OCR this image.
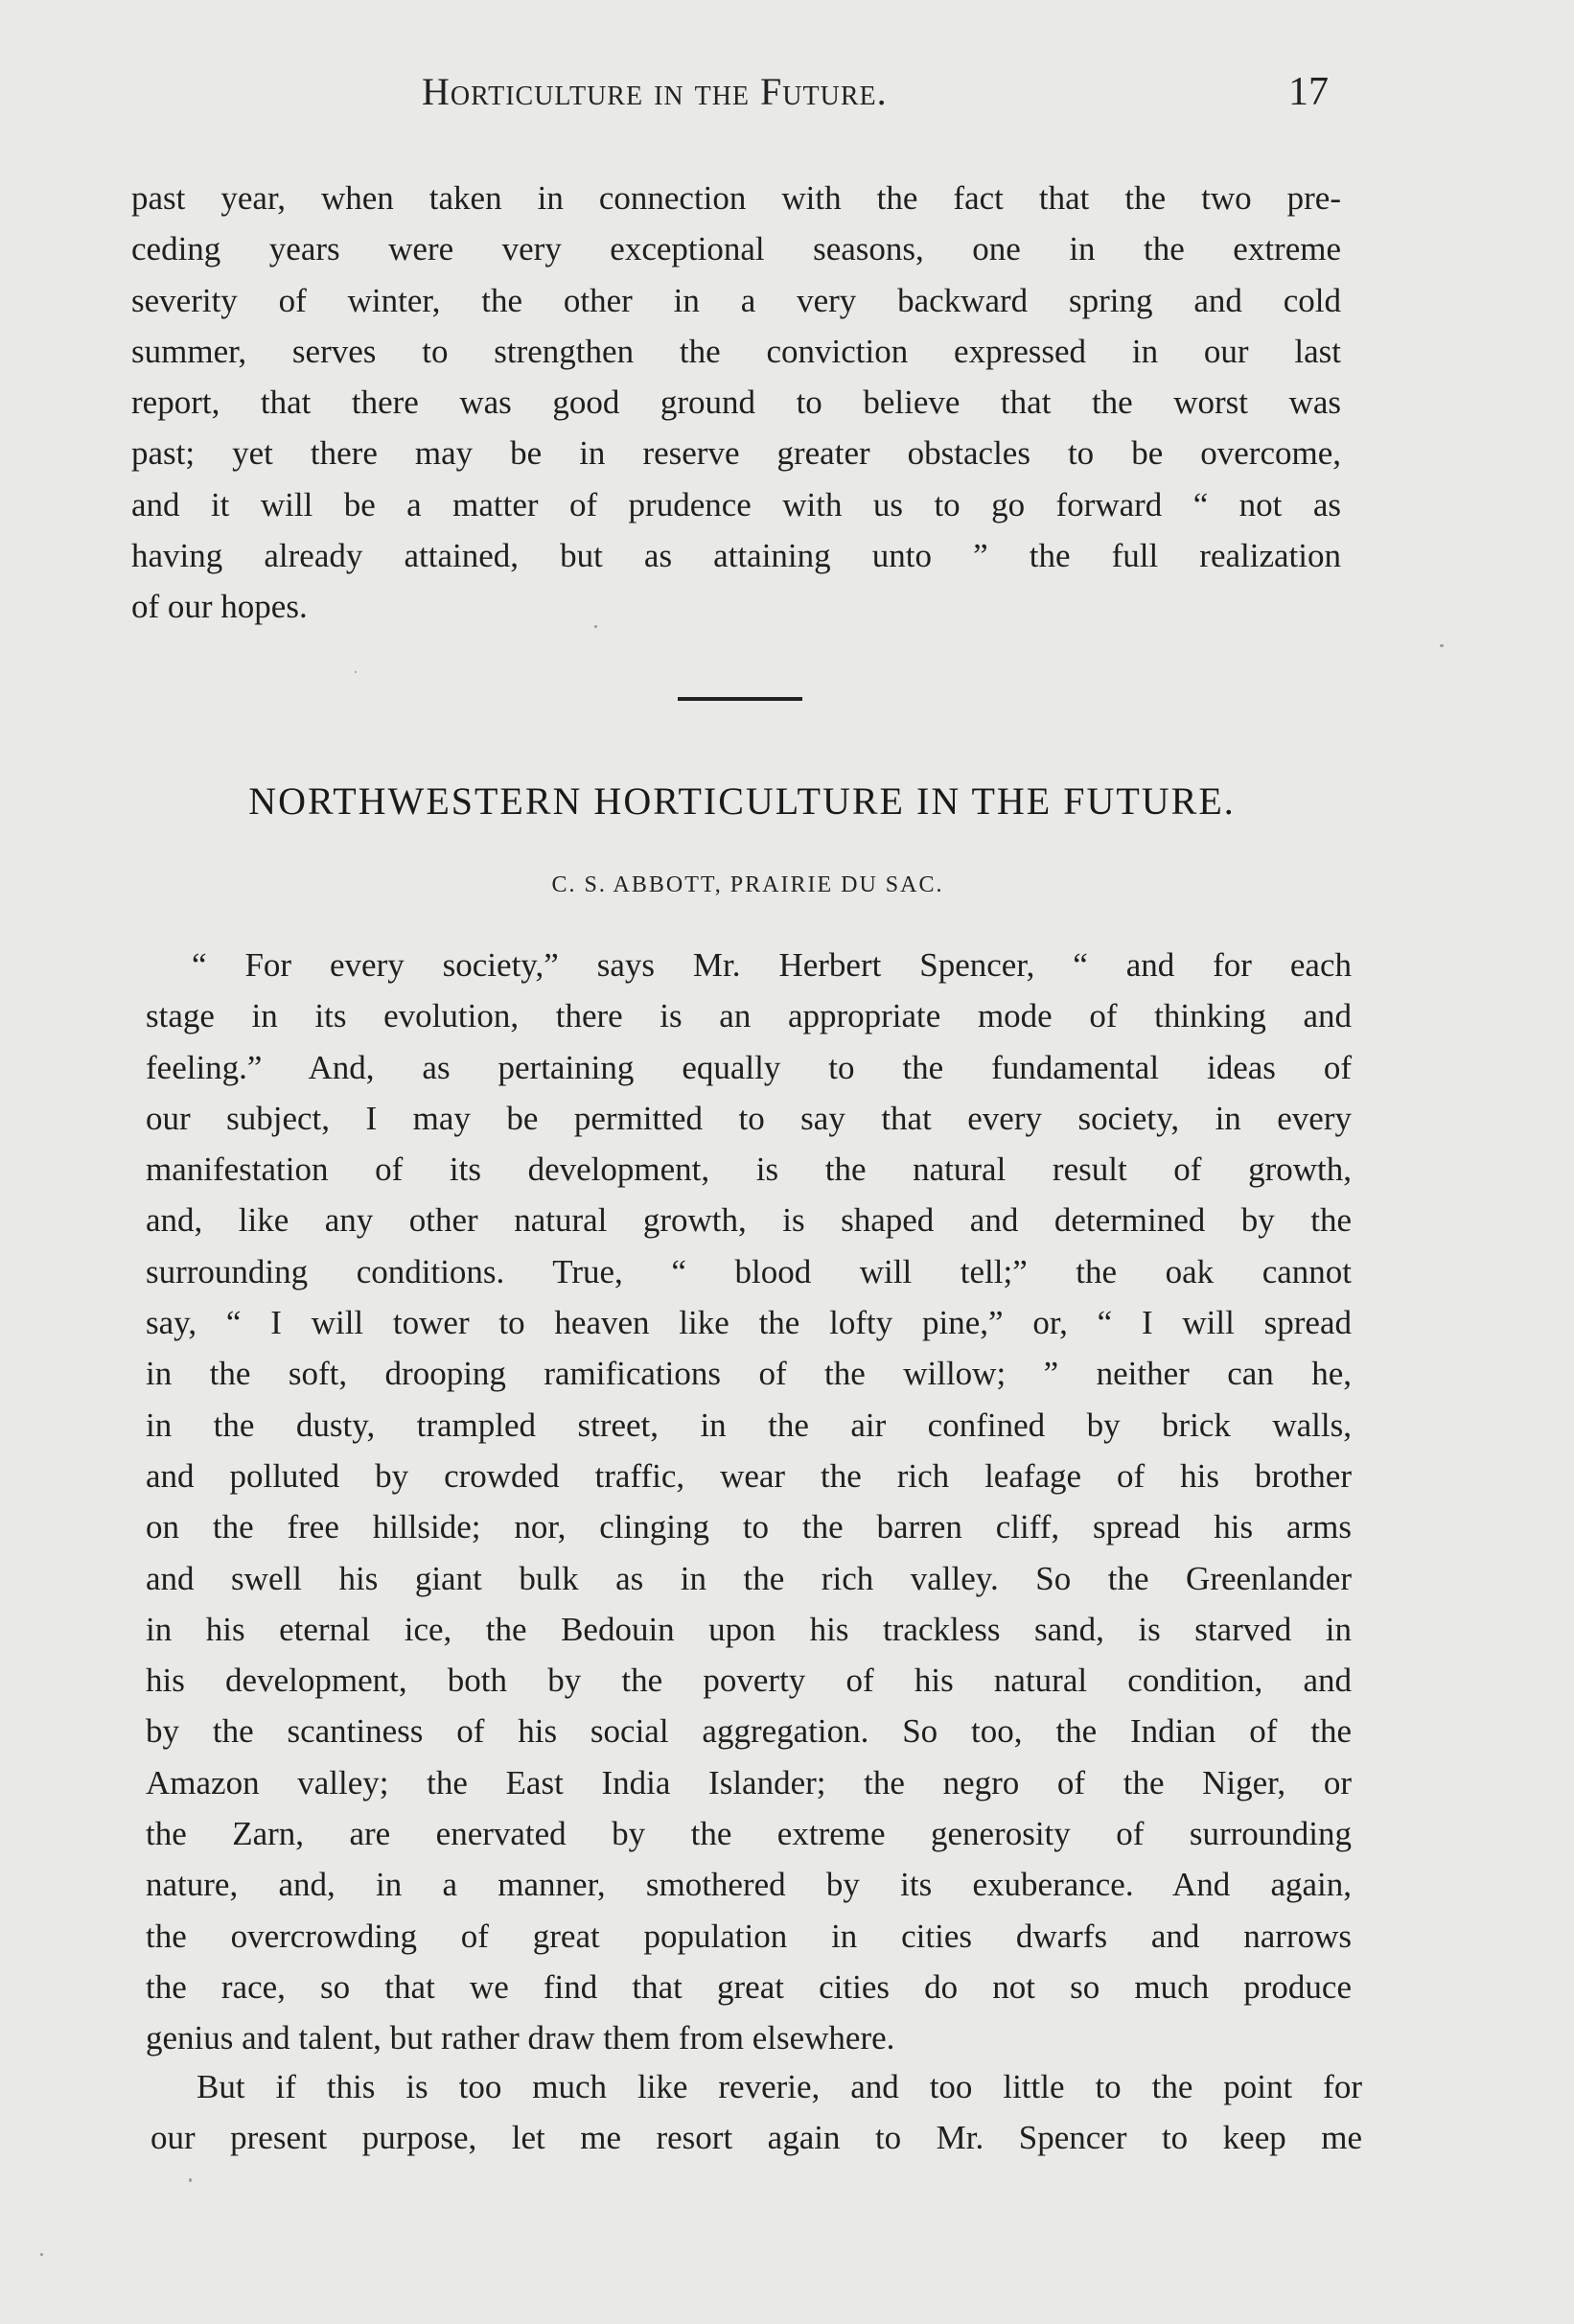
Horticulture in the Future.	17
past year, when taken in connection with the fact that the two pre-
ceding years were very exceptional seasons, one in the extreme
severity of winter, the other in a very backward spring and cold
summer, serves to strengthen the conviction expressed in our last
report, that there was good ground to believe that the worst was
past; yet there may be in reserve greater obstacles to be overcome,
and it will be a matter of prudence with us to go forward “ not as
having already attained, but as attaining unto ” the full realization
of our hopes.
NORTHWESTERN HORTICULTURE IN THE FUTURE.
C. S. ABBOTT, PRAIRIE DU SAC.
“ For every society,” says Mr. Herbert Spencer, “ and for each
stage in its evolution, there is an appropriate mode of thinking and
feeling.” And, as pertaining equally to the fundamental ideas of
our subject, I may be permitted to say that every society, in every
manifestation of its development, is the natural result of growth,
and, like any other natural growth, is shaped and determined by the
surrounding conditions. True, “ blood will tell;” the oak cannot
say, “ I will tower to heaven like the lofty pine,” or, “ I will spread
in the soft, drooping ramifications of the willow; ” neither can he,
in the dusty, trampled street, in the air confined by brick walls,
and polluted by crowded traffic, wear the rich leafage of his brother
on the free hillside; nor, clinging to the barren cliff, spread his arms
and swell his giant bulk as in the rich valley. So the Greenlander
in his eternal ice, the Bedouin upon his trackless sand, is starved in
his development, both by the poverty of his natural condition, and
by the scantiness of his social aggregation. So too, the Indian of the
Amazon valley; the East India Islander; the negro of the Niger, or
the Zarn, are enervated by the extreme generosity of surrounding
nature, and, in a manner, smothered by its exuberance. And again,
the overcrowding of great population in cities dwarfs and narrows
the race, so that we find that great cities do not so much produce
genius and talent, but rather draw them from elsewhere.
But if this is too much like reverie, and too little to the point for
our present purpose, let me resort again to Mr. Spencer to keep me
